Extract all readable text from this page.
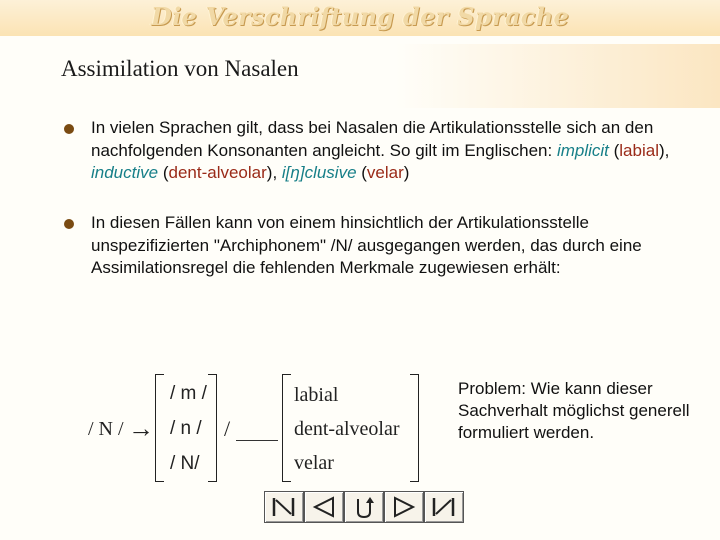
Die Verschriftung der Sprache
Assimilation von Nasalen
In vielen Sprachen gilt, dass bei Nasalen die Artikulationsstelle sich an den nachfolgenden Konsonanten angleicht. So gilt im Englischen: implicit (labial), inductive (dent-alveolar), i[ŋ]clusive (velar)
In diesen Fällen kann von einem hinsichtlich der Artikulationsstelle unspezifizierten "Archiphonem" /N/ ausgegangen werden, das durch eine Assimilationsregel die fehlenden Merkmale zugewiesen erhält:
/ N / →
/ m /
/ n /
/ N/
/
labial
dent-alveolar
velar
Problem: Wie kann dieser Sachverhalt möglichst generell formuliert werden.
